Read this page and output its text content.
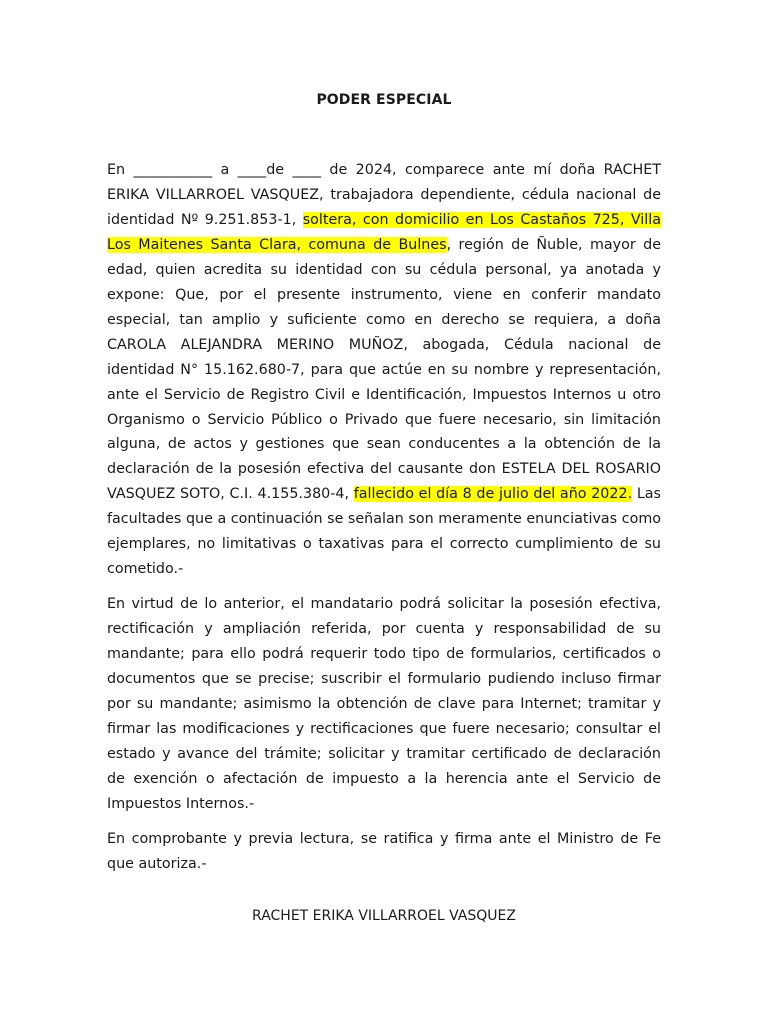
PODER ESPECIAL

En ___________ a ____de ____ de 2024, comparece ante mí doña RACHET ERIKA VILLARROEL VASQUEZ, trabajadora dependiente, cédula nacional de identidad Nº 9.251.853-1, soltera, con domicilio en Los Castaños 725, Villa Los Maitenes Santa Clara, comuna de Bulnes, región de Ñuble, mayor de edad, quien acredita su identidad con su cédula personal, ya anotada y expone: Que, por el presente instrumento, viene en conferir mandato especial, tan amplio y suficiente como en derecho se requiera, a doña CAROLA ALEJANDRA MERINO MUÑOZ, abogada, Cédula nacional de identidad N° 15.162.680-7, para que actúe en su nombre y representación, ante el Servicio de Registro Civil e Identificación, Impuestos Internos u otro Organismo o Servicio Público o Privado que fuere necesario, sin limitación alguna, de actos y gestiones que sean conducentes a la obtención de la declaración de la posesión efectiva del causante don ESTELA DEL ROSARIO VASQUEZ SOTO, C.I. 4.155.380-4, fallecido el día 8 de julio del año 2022. Las facultades que a continuación se señalan son meramente enunciativas como ejemplares, no limitativas o taxativas para el correcto cumplimiento de su cometido.-

En virtud de lo anterior, el mandatario podrá solicitar la posesión efectiva, rectificación y ampliación referida, por cuenta y responsabilidad de su mandante; para ello podrá requerir todo tipo de formularios, certificados o documentos que se precise; suscribir el formulario pudiendo incluso firmar por su mandante; asimismo la obtención de clave para Internet; tramitar y firmar las modificaciones y rectificaciones que fuere necesario; consultar el estado y avance del trámite; solicitar y tramitar certificado de declaración de exención o afectación de impuesto a la herencia ante el Servicio de Impuestos Internos.-

En comprobante y previa lectura, se ratifica y firma ante el Ministro de Fe que autoriza.-

RACHET ERIKA VILLARROEL VASQUEZ
